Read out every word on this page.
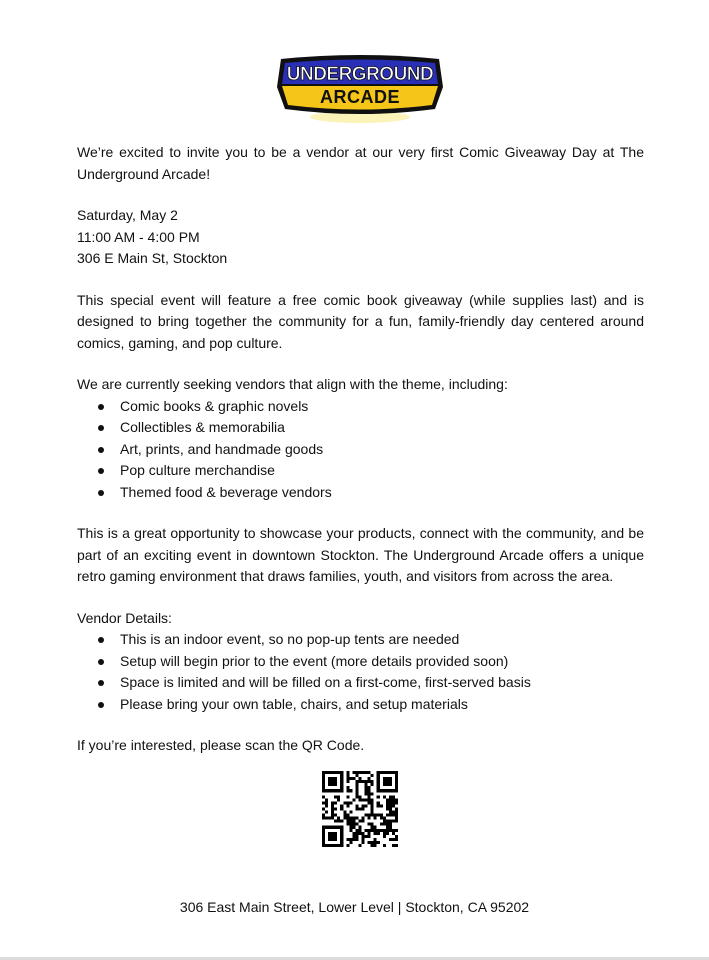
UNDERGROUND
ARCADE

We’re excited to invite you to be a vendor at our very first Comic Giveaway Day at The Underground Arcade!

Saturday, May 2

11:00 AM - 4:00 PM

306 E Main St, Stockton

This special event will feature a free comic book giveaway (while supplies last) and is designed to bring together the community for a fun, family-friendly day centered around comics, gaming, and pop culture.

We are currently seeking vendors that align with the theme, including:

Comic books & graphic novels
Collectibles & memorabilia
Art, prints, and handmade goods
Pop culture merchandise
Themed food & beverage vendors

This is a great opportunity to showcase your products, connect with the community, and be part of an exciting event in downtown Stockton. The Underground Arcade offers a unique retro gaming environment that draws families, youth, and visitors from across the area.

Vendor Details:

This is an indoor event, so no pop-up tents are needed
Setup will begin prior to the event (more details provided soon)
Space is limited and will be filled on a first-come, first-served basis
Please bring your own table, chairs, and setup materials

If you’re interested, please scan the QR Code.

306 East Main Street, Lower Level | Stockton, CA 95202
